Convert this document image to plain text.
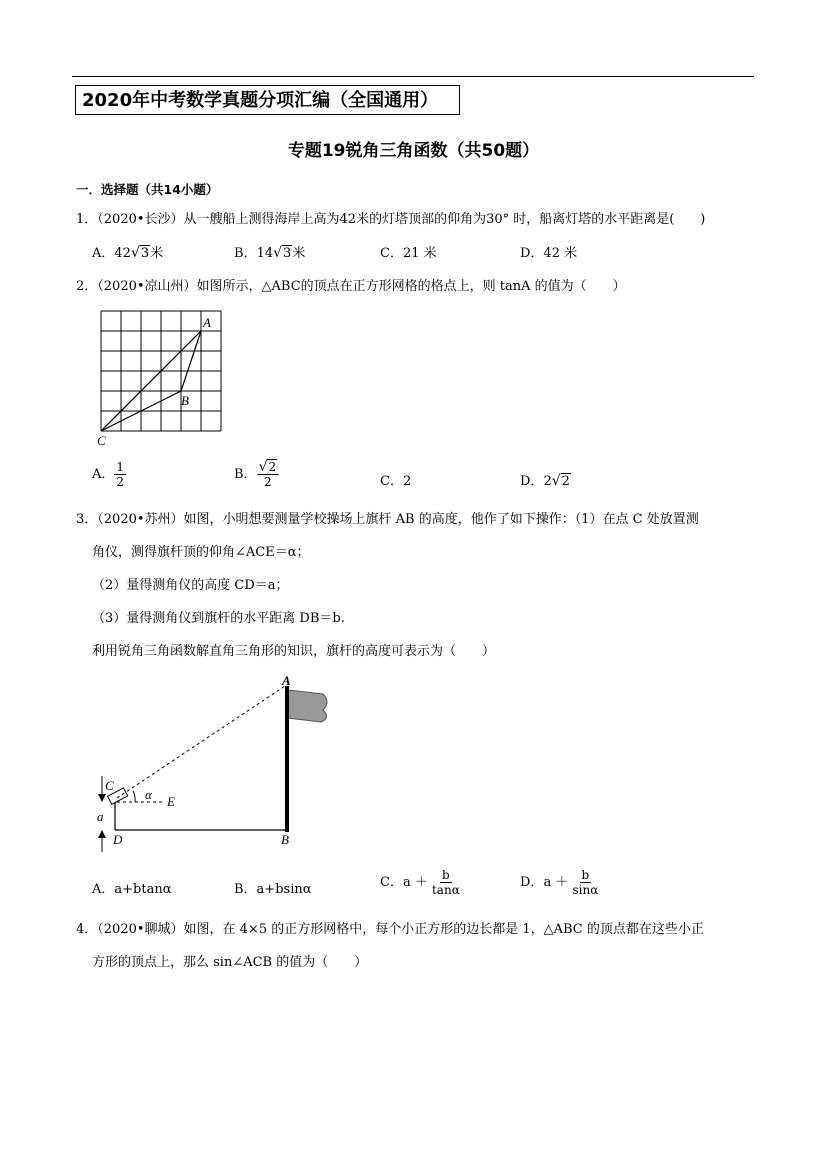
2020年中考数学真题分项汇编（全国通用）
专题19锐角三角函数（共50题）
一．选择题（共14小题）
1．（2020•长沙）从一艘船上测得海岸上高为42米的灯塔顶部的仰角为30° 时，船离灯塔的水平距离是(　　)
A．42√3米	B．14√3米	C．21 米	D．42 米
2．（2020•凉山州）如图所示，△ABC的顶点在正方形网格的格点上，则 tanA 的值为（　　）
A
B
C
A． $\frac{1}{2}$	B． $\frac{√2}{2}$	C．2	D．2√2
3．（2020•苏州）如图，小明想要测量学校操场上旗杆 AB 的高度，他作了如下操作：（1）在点 C 处放置测
角仪，测得旗杆顶的仰角∠ACE＝α；
（2）量得测角仪的高度 CD＝a；
（3）量得测角仪到旗杆的水平距离 DB＝b.
利用锐角三角函数解直角三角形的知识，旗杆的高度可表示为（　　）
A
B
C
D
E
α
a
A．a+btanα	B．a+bsinα	C．$a + \frac{b}{\tan\alpha}$	D．$a + \frac{b}{\sin\alpha}$
4．（2020•聊城）如图，在 4×5 的正方形网格中，每个小正方形的边长都是 1，△ABC 的顶点都在这些小正
方形的顶点上，那么 sin∠ACB 的值为（　　）
